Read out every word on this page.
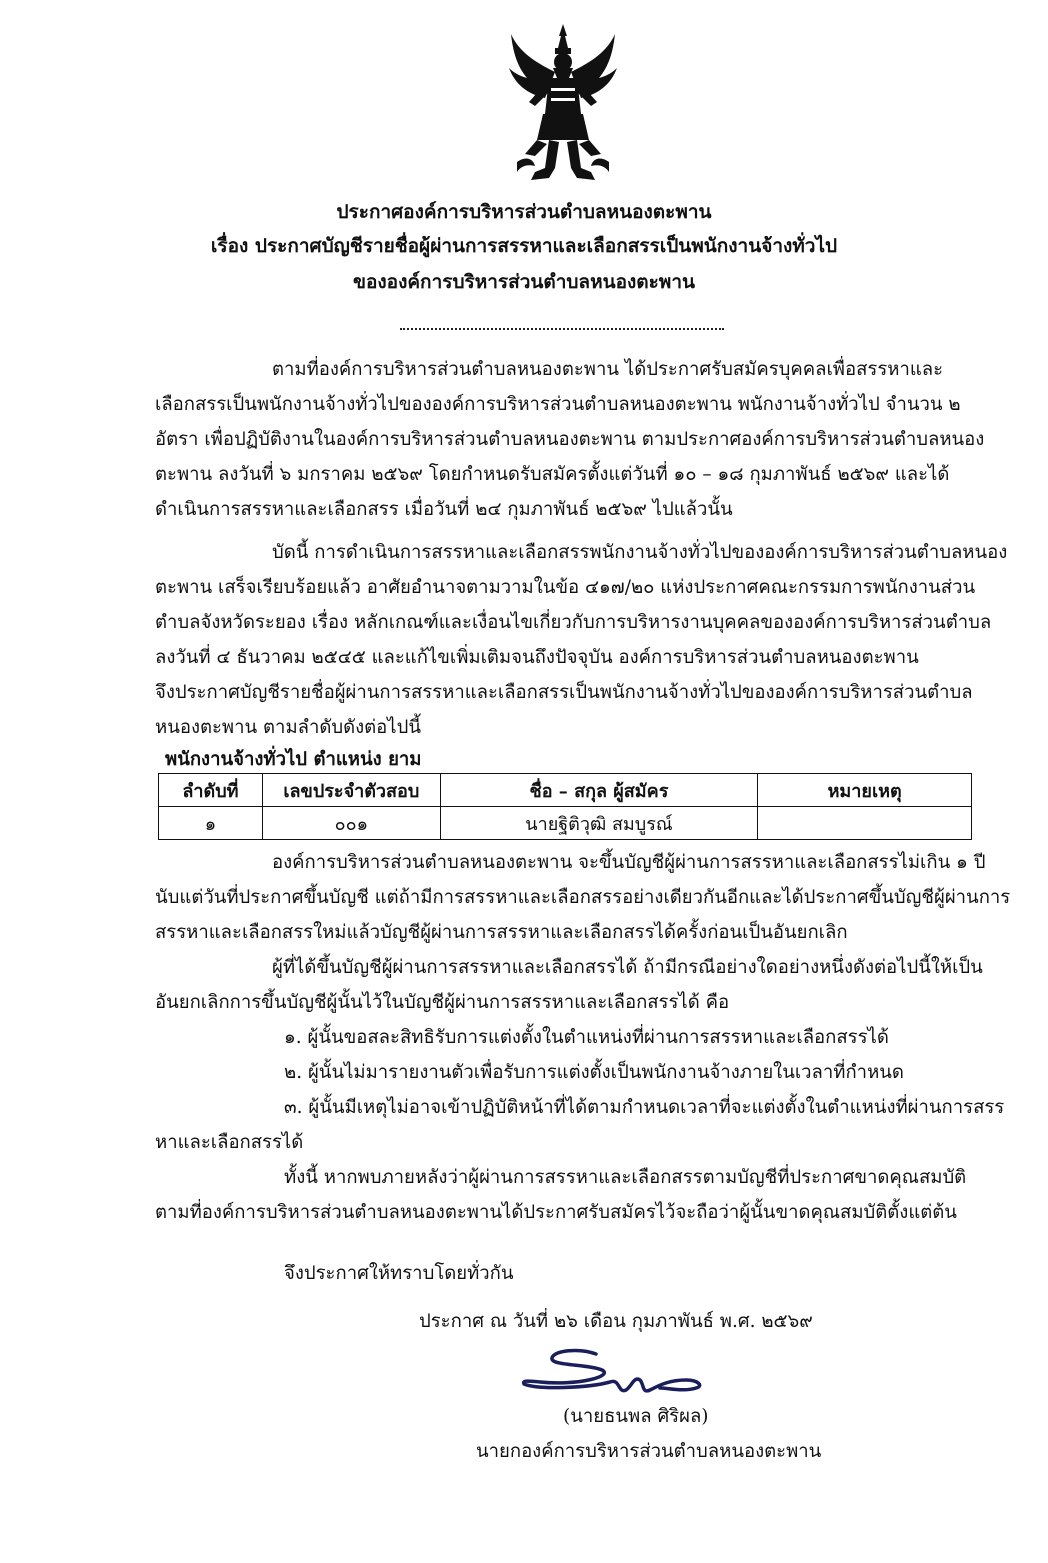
ประกาศองค์การบริหารส่วนตำบลหนองตะพาน
เรื่อง ประกาศบัญชีรายชื่อผู้ผ่านการสรรหาและเลือกสรรเป็นพนักงานจ้างทั่วไป
ขององค์การบริหารส่วนตำบลหนองตะพาน

ตามที่องค์การบริหารส่วนตำบลหนองตะพาน ได้ประกาศรับสมัครบุคคลเพื่อสรรหาและ

เลือกสรรเป็นพนักงานจ้างทั่วไปขององค์การบริหารส่วนตำบลหนองตะพาน พนักงานจ้างทั่วไป จำนวน ๒

อัตรา เพื่อปฏิบัติงานในองค์การบริหารส่วนตำบลหนองตะพาน ตามประกาศองค์การบริหารส่วนตำบลหนอง

ตะพาน ลงวันที่ ๖ มกราคม ๒๕๖๙ โดยกำหนดรับสมัครตั้งแต่วันที่ ๑๐ – ๑๘ กุมภาพันธ์ ๒๕๖๙ และได้

ดำเนินการสรรหาและเลือกสรร เมื่อวันที่ ๒๔ กุมภาพันธ์ ๒๕๖๙ ไปแล้วนั้น

บัดนี้ การดำเนินการสรรหาและเลือกสรรพนักงานจ้างทั่วไปขององค์การบริหารส่วนตำบลหนอง

ตะพาน เสร็จเรียบร้อยแล้ว อาศัยอำนาจตามวามในข้อ ๔๑๗/๒๐ แห่งประกาศคณะกรรมการพนักงานส่วน

ตำบลจังหวัดระยอง เรื่อง หลักเกณฑ์และเงื่อนไขเกี่ยวกับการบริหารงานบุคคลขององค์การบริหารส่วนตำบล

ลงวันที่ ๔ ธันวาคม ๒๕๔๕ และแก้ไขเพิ่มเติมจนถึงปัจจุบัน องค์การบริหารส่วนตำบลหนองตะพาน

จึงประกาศบัญชีรายชื่อผู้ผ่านการสรรหาและเลือกสรรเป็นพนักงานจ้างทั่วไปขององค์การบริหารส่วนตำบล

หนองตะพาน ตามลำดับดังต่อไปนี้

พนักงานจ้างทั่วไป ตำแหน่ง ยาม

ลำดับที่	เลขประจำตัวสอบ	ชื่อ – สกุล ผู้สมัคร	หมายเหตุ
๑	๐๐๑	นายฐิติวุฒิ สมบูรณ์	

องค์การบริหารส่วนตำบลหนองตะพาน จะขึ้นบัญชีผู้ผ่านการสรรหาและเลือกสรรไม่เกิน ๑ ปี

นับแต่วันที่ประกาศขึ้นบัญชี แต่ถ้ามีการสรรหาและเลือกสรรอย่างเดียวกันอีกและได้ประกาศขึ้นบัญชีผู้ผ่านการ

สรรหาและเลือกสรรใหม่แล้วบัญชีผู้ผ่านการสรรหาและเลือกสรรได้ครั้งก่อนเป็นอันยกเลิก

ผู้ที่ได้ขึ้นบัญชีผู้ผ่านการสรรหาและเลือกสรรได้ ถ้ามีกรณีอย่างใดอย่างหนึ่งดังต่อไปนี้ให้เป็น

อันยกเลิกการขึ้นบัญชีผู้นั้นไว้ในบัญชีผู้ผ่านการสรรหาและเลือกสรรได้ คือ

๑. ผู้นั้นขอสละสิทธิรับการแต่งตั้งในตำแหน่งที่ผ่านการสรรหาและเลือกสรรได้

๒. ผู้นั้นไม่มารายงานตัวเพื่อรับการแต่งตั้งเป็นพนักงานจ้างภายในเวลาที่กำหนด

๓. ผู้นั้นมีเหตุไม่อาจเข้าปฏิบัติหน้าที่ได้ตามกำหนดเวลาที่จะแต่งตั้งในตำแหน่งที่ผ่านการสรร

หาและเลือกสรรได้

ทั้งนี้ หากพบภายหลังว่าผู้ผ่านการสรรหาและเลือกสรรตามบัญชีที่ประกาศขาดคุณสมบัติ

ตามที่องค์การบริหารส่วนตำบลหนองตะพานได้ประกาศรับสมัครไว้จะถือว่าผู้นั้นขาดคุณสมบัติตั้งแต่ต้น

จึงประกาศให้ทราบโดยทั่วกัน

ประกาศ ณ วันที่ ๒๖ เดือน กุมภาพันธ์ พ.ศ. ๒๕๖๙

(นายธนพล ศิริผล)

นายกองค์การบริหารส่วนตำบลหนองตะพาน
